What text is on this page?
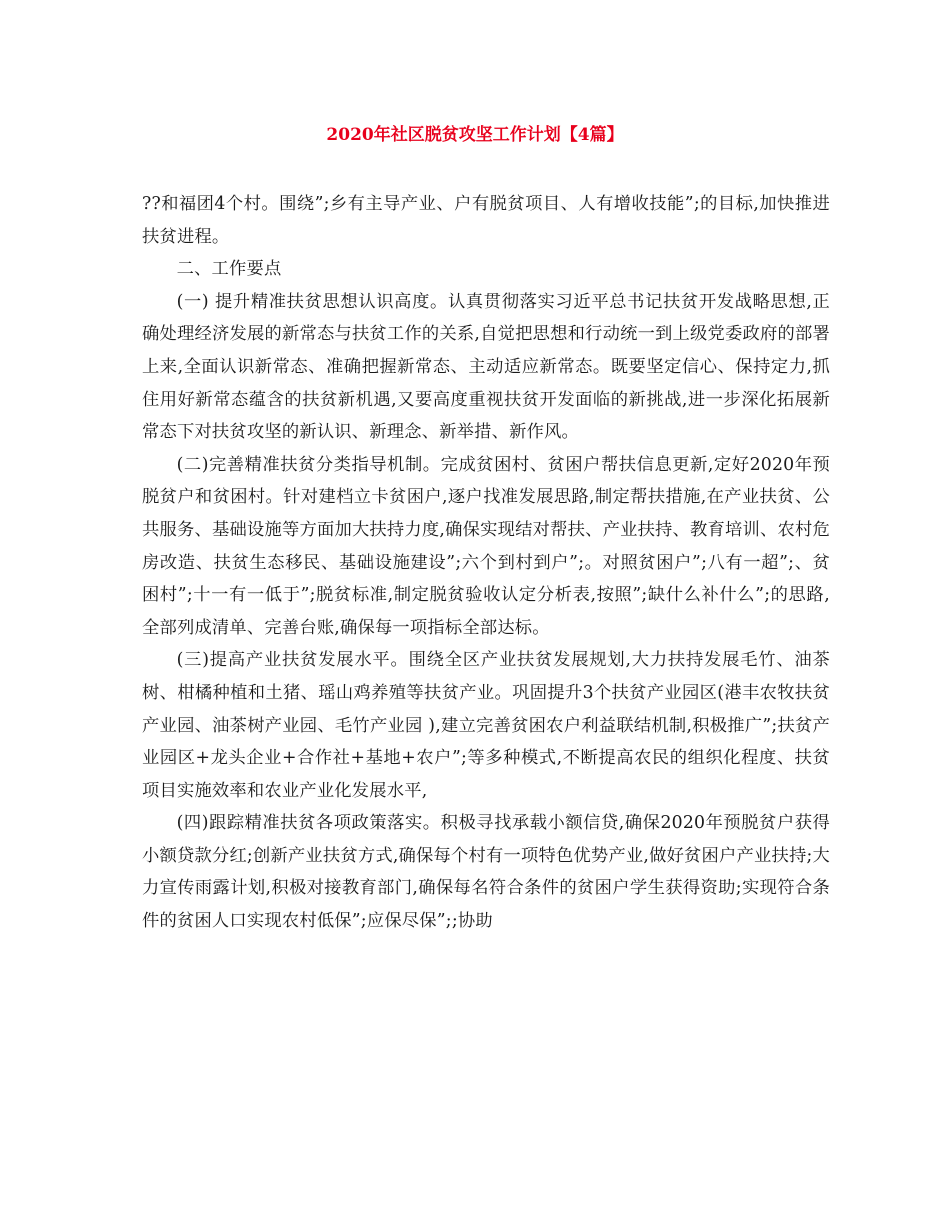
2020年社区脱贫攻坚工作计划【4篇】

??和福团4个村。围绕”;乡有主导产业、户有脱贫项目、人有增收技能”;的目标,加快推进扶贫进程。

二、工作要点

(一) 提升精准扶贫思想认识高度。认真贯彻落实习近平总书记扶贫开发战略思想,正确处理经济发展的新常态与扶贫工作的关系,自觉把思想和行动统一到上级党委政府的部署上来,全面认识新常态、准确把握新常态、主动适应新常态。既要坚定信心、保持定力,抓住用好新常态蕴含的扶贫新机遇,又要高度重视扶贫开发面临的新挑战,进一步深化拓展新常态下对扶贫攻坚的新认识、新理念、新举措、新作风。

(二)完善精准扶贫分类指导机制。完成贫困村、贫困户帮扶信息更新,定好2020年预脱贫户和贫困村。针对建档立卡贫困户,逐户找准发展思路,制定帮扶措施,在产业扶贫、公共服务、基础设施等方面加大扶持力度,确保实现结对帮扶、产业扶持、教育培训、农村危房改造、扶贫生态移民、基础设施建设”;六个到村到户”;。对照贫困户”;八有一超”;、贫困村”;十一有一低于”;脱贫标准,制定脱贫验收认定分析表,按照”;缺什么补什么”;的思路,全部列成清单、完善台账,确保每一项指标全部达标。

(三)提高产业扶贫发展水平。围绕全区产业扶贫发展规划,大力扶持发展毛竹、油茶树、柑橘种植和土猪、瑶山鸡养殖等扶贫产业。巩固提升3个扶贫产业园区(港丰农牧扶贫产业园、油茶树产业园、毛竹产业园 ),建立完善贫困农户利益联结机制,积极推广”;扶贫产业园区+龙头企业+合作社+基地+农户”;等多种模式,不断提高农民的组织化程度、扶贫项目实施效率和农业产业化发展水平,

(四)跟踪精准扶贫各项政策落实。积极寻找承载小额信贷,确保2020年预脱贫户获得小额贷款分红;创新产业扶贫方式,确保每个村有一项特色优势产业,做好贫困户产业扶持;大力宣传雨露计划,积极对接教育部门,确保每名符合条件的贫困户学生获得资助;实现符合条件的贫困人口实现农村低保”;应保尽保”;;协助
